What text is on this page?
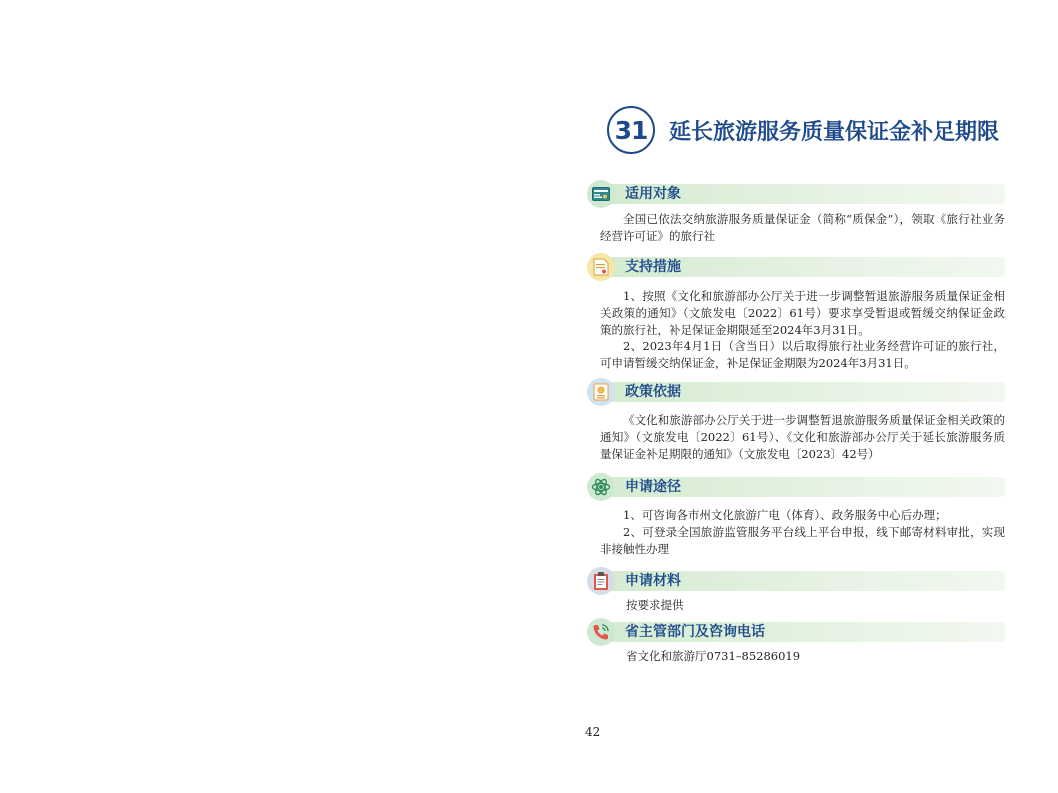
31 延长旅游服务质量保证金补足期限
适用对象

全国已依法交纳旅游服务质量保证金（简称“质保金”），领取《旅行社业务经营许可证》的旅行社

支持措施

1、按照《文化和旅游部办公厅关于进一步调整暂退旅游服务质量保证金相关政策的通知》（文旅发电〔2022〕61号）要求享受暂退或暂缓交纳保证金政策的旅行社，补足保证金期限延至2024年3月31日。

2、2023年4月1日（含当日）以后取得旅行社业务经营许可证的旅行社，可申请暂缓交纳保证金，补足保证金期限为2024年3月31日。

政策依据

《文化和旅游部办公厅关于进一步调整暂退旅游服务质量保证金相关政策的通知》（文旅发电〔2022〕61号）、《文化和旅游部办公厅关于延长旅游服务质量保证金补足期限的通知》（文旅发电〔2023〕42号）

申请途径

1、可咨询各市州文化旅游广电（体育）、政务服务中心后办理；

2、可登录全国旅游监管服务平台线上平台申报，线下邮寄材料审批，实现非接触性办理

申请材料

按要求提供

省主管部门及咨询电话

省文化和旅游厅0731–85286019

42
